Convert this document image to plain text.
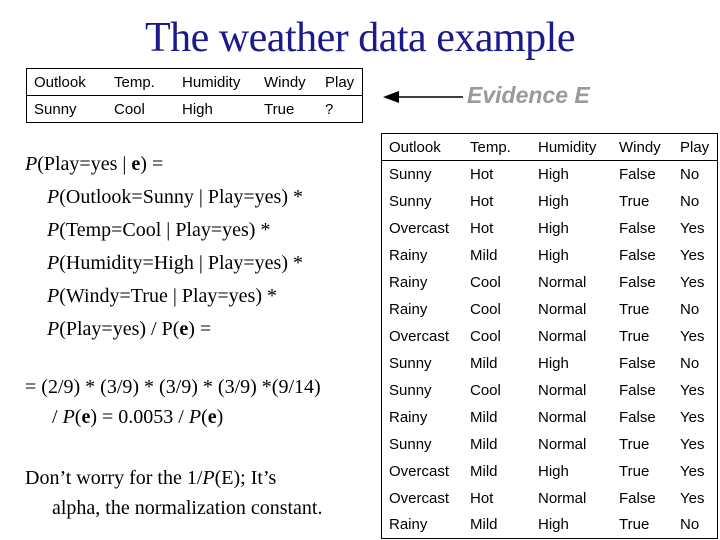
The weather data example
Outlook	Temp.	Humidity	Windy	Play
Sunny	Cool	High	True	?
Evidence E
P(Play=yes | e) =
P(Outlook=Sunny | Play=yes) *
P(Temp=Cool | Play=yes) *
P(Humidity=High | Play=yes) *
P(Windy=True | Play=yes) *
P(Play=yes) / P(e) =
= (2/9) * (3/9) * (3/9) * (3/9) *(9/14)
/ P(e) = 0.0053 / P(e)
Don’t worry for the 1/P(E); It’s
alpha, the normalization constant.
Outlook	Temp.	Humidity	Windy	Play
Sunny	Hot	High	False	No
Sunny	Hot	High	True	No
Overcast	Hot	High	False	Yes
Rainy	Mild	High	False	Yes
Rainy	Cool	Normal	False	Yes
Rainy	Cool	Normal	True	No
Overcast	Cool	Normal	True	Yes
Sunny	Mild	High	False	No
Sunny	Cool	Normal	False	Yes
Rainy	Mild	Normal	False	Yes
Sunny	Mild	Normal	True	Yes
Overcast	Mild	High	True	Yes
Overcast	Hot	Normal	False	Yes
Rainy	Mild	High	True	No
